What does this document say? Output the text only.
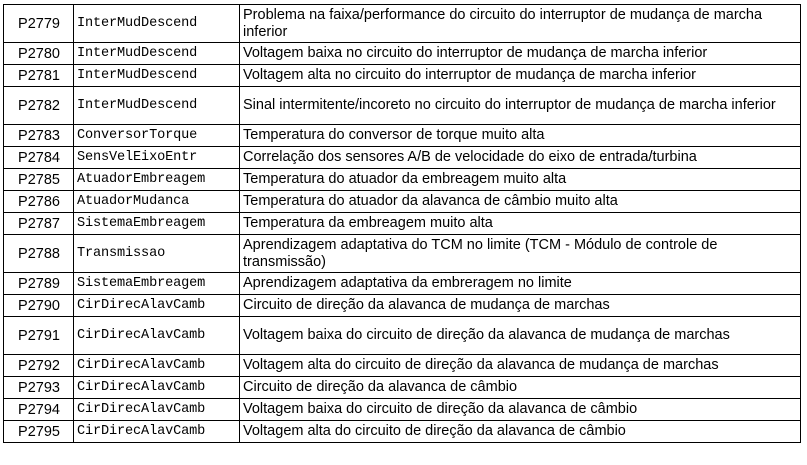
P2779	InterMudDescend	Problema na faixa/performance do circuito do interruptor de mudança de marcha inferior
P2780	InterMudDescend	Voltagem baixa no circuito do interruptor de mudança de marcha inferior
P2781	InterMudDescend	Voltagem alta no circuito do interruptor de mudança de marcha inferior
P2782	InterMudDescend	Sinal intermitente/incoreto no circuito do interruptor de mudança de marcha inferior
P2783	ConversorTorque	Temperatura do conversor de torque muito alta
P2784	SensVelEixoEntr	Correlação dos sensores A/B de velocidade do eixo de entrada/turbina
P2785	AtuadorEmbreagem	Temperatura do atuador da embreagem muito alta
P2786	AtuadorMudanca	Temperatura do atuador da alavanca de câmbio muito alta
P2787	SistemaEmbreagem	Temperatura da embreagem muito alta
P2788	Transmissao	Aprendizagem adaptativa do TCM no limite (TCM - Módulo de controle de transmissão)
P2789	SistemaEmbreagem	Aprendizagem adaptativa da embreragem no limite
P2790	CirDirecAlavCamb	Circuito de direção da alavanca de mudança de marchas
P2791	CirDirecAlavCamb	Voltagem baixa do circuito de direção da alavanca de mudança de marchas
P2792	CirDirecAlavCamb	Voltagem alta do circuito de direção da alavanca de mudança de marchas
P2793	CirDirecAlavCamb	Circuito de direção da alavanca de câmbio
P2794	CirDirecAlavCamb	Voltagem baixa do circuito de direção da alavanca de câmbio
P2795	CirDirecAlavCamb	Voltagem alta do circuito de direção da alavanca de câmbio
